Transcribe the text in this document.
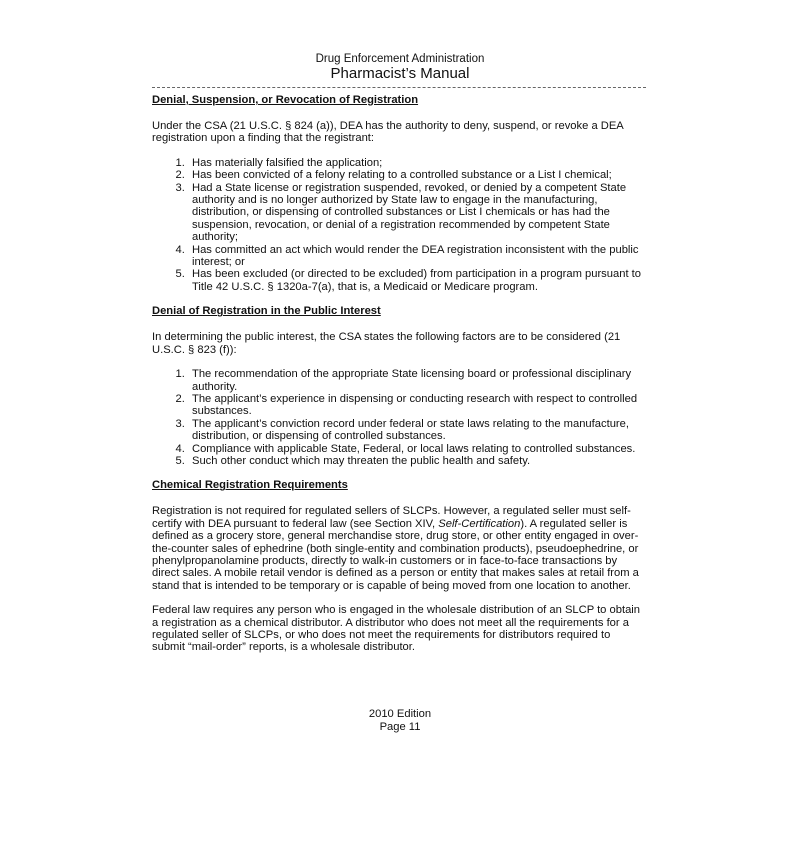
Drug Enforcement Administration
Pharmacist’s Manual
Denial, Suspension, or Revocation of Registration

Under the CSA (21 U.S.C. § 824 (a)), DEA has the authority to deny, suspend, or revoke a DEA registration upon a finding that the registrant:

1. Has materially falsified the application;
2. Has been convicted of a felony relating to a controlled substance or a List I chemical;
3. Had a State license or registration suspended, revoked, or denied by a competent State authority and is no longer authorized by State law to engage in the manufacturing, distribution, or dispensing of controlled substances or List I chemicals or has had the suspension, revocation, or denial of a registration recommended by competent State authority;
4. Has committed an act which would render the DEA registration inconsistent with the public interest; or
5. Has been excluded (or directed to be excluded) from participation in a program pursuant to Title 42 U.S.C. § 1320a-7(a), that is, a Medicaid or Medicare program.
Denial of Registration in the Public Interest

In determining the public interest, the CSA states the following factors are to be considered (21 U.S.C. § 823 (f)):

1. The recommendation of the appropriate State licensing board or professional disciplinary authority.
2. The applicant’s experience in dispensing or conducting research with respect to controlled substances.
3. The applicant’s conviction record under federal or state laws relating to the manufacture, distribution, or dispensing of controlled substances.
4. Compliance with applicable State, Federal, or local laws relating to controlled substances.
5. Such other conduct which may threaten the public health and safety.
Chemical Registration Requirements

Registration is not required for regulated sellers of SLCPs. However, a regulated seller must self-certify with DEA pursuant to federal law (see Section XIV, Self-Certification). A regulated seller is defined as a grocery store, general merchandise store, drug store, or other entity engaged in over-the-counter sales of ephedrine (both single-entity and combination products), pseudoephedrine, or phenylpropanolamine products, directly to walk-in customers or in face-to-face transactions by direct sales. A mobile retail vendor is defined as a person or entity that makes sales at retail from a stand that is intended to be temporary or is capable of being moved from one location to another.

Federal law requires any person who is engaged in the wholesale distribution of an SLCP to obtain a registration as a chemical distributor. A distributor who does not meet all the requirements for a regulated seller of SLCPs, or who does not meet the requirements for distributors required to submit “mail-order” reports, is a wholesale distributor.

2010 Edition
Page 11
